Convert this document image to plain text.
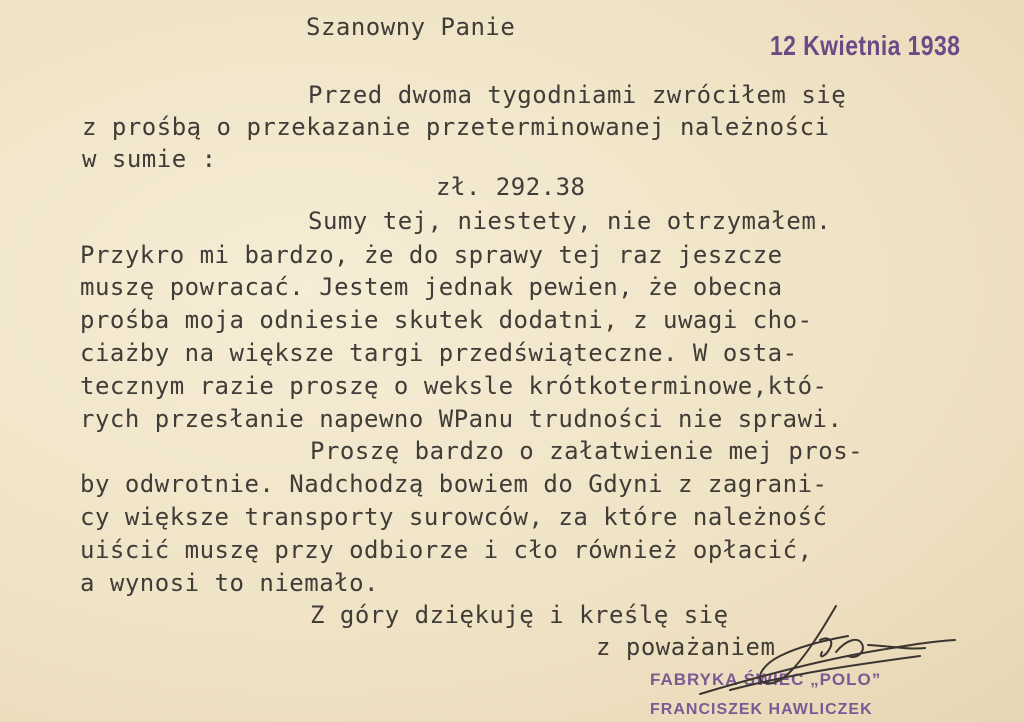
Szanowny Panie
12 Kwietnia 1938
Przed dwoma tygodniami zwróciłem się
z prośbą o przekazanie przeterminowanej należności
w sumie :
zł. 292.38
Sumy tej, niestety, nie otrzymałem.
Przykro mi bardzo, że do sprawy tej raz jeszcze
muszę powracać. Jestem jednak pewien, że obecna
prośba moja odniesie skutek dodatni, z uwagi cho-
ciażby na większe targi przedświąteczne. W osta-
tecznym razie proszę o weksle krótkoterminowe,któ-
rych przesłanie napewno WPanu trudności nie sprawi.
Proszę bardzo o załatwienie mej pros-
by odwrotnie. Nadchodzą bowiem do Gdyni z zagrani-
cy większe transporty surowców, za które należność
uiścić muszę przy odbiorze i cło również opłacić,
a wynosi to niemało.
Z góry dziękuję i kreślę się
z poważaniem
FABRYKA ŚWIEC „POLO”
FRANCISZEK HAWLICZEK
